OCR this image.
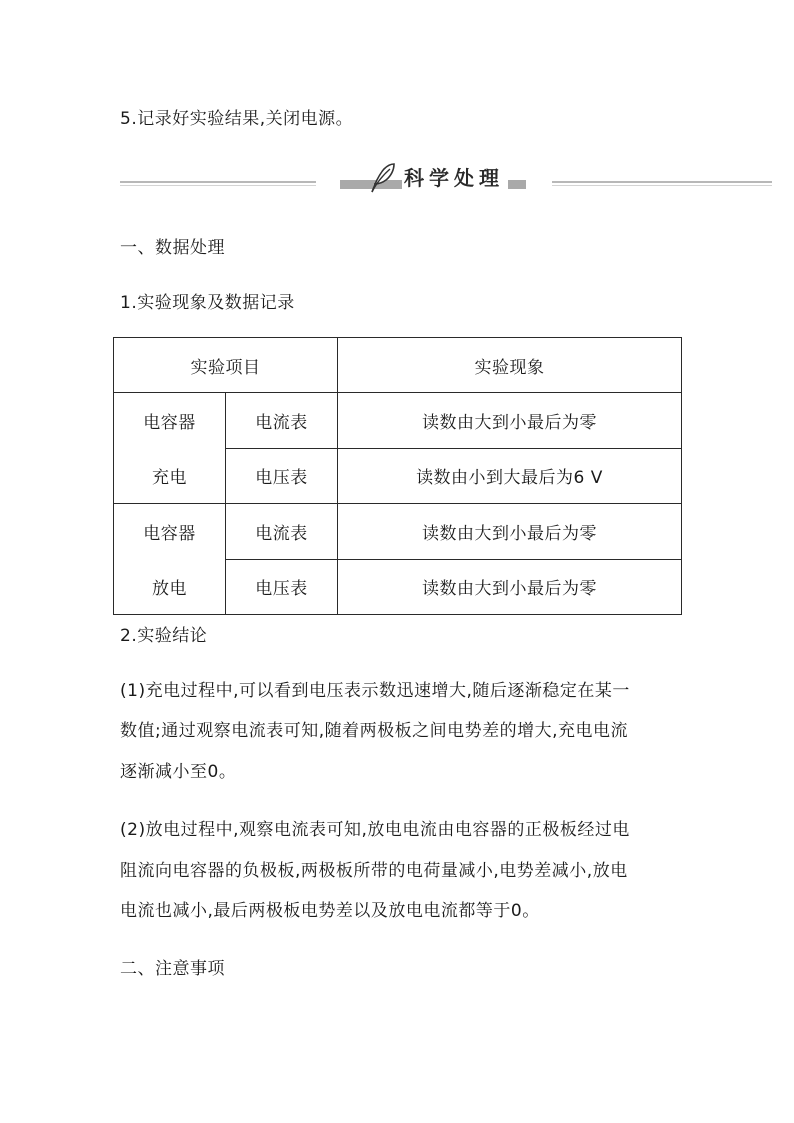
5.记录好实验结果,关闭电源。
科学处理
一、数据处理
1.实验现象及数据记录
实验项目		实验现象

电容器
充电	电流表	读数由大到小最后为零
	电压表	读数由小到大最后为6 V

电容器
放电	电流表	读数由大到小最后为零
	电压表	读数由大到小最后为零
2.实验结论
(1)充电过程中,可以看到电压表示数迅速增大,随后逐渐稳定在某一
数值;通过观察电流表可知,随着两极板之间电势差的增大,充电电流
逐渐减小至0。
(2)放电过程中,观察电流表可知,放电电流由电容器的正极板经过电
阻流向电容器的负极板,两极板所带的电荷量减小,电势差减小,放电
电流也减小,最后两极板电势差以及放电电流都等于0。
二、注意事项
